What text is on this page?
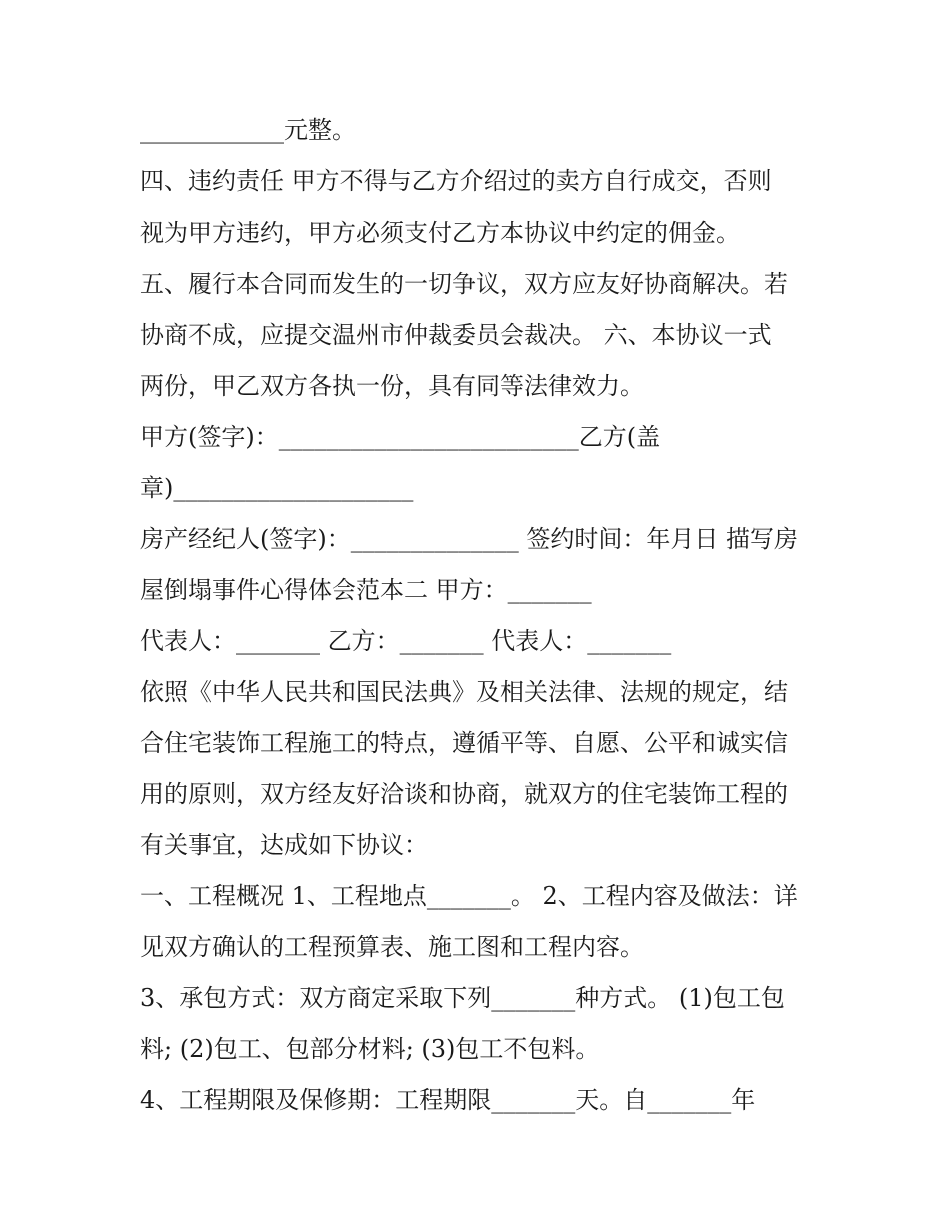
____________元整。
四、违约责任 甲方不得与乙方介绍过的卖方自行成交，否则
视为甲方违约，甲方必须支付乙方本协议中约定的佣金。
五、履行本合同而发生的一切争议，双方应友好协商解决。若
协商不成，应提交温州市仲裁委员会裁决。 六、本协议一式
两份，甲乙双方各执一份，具有同等法律效力。
甲方(签字)：_________________________乙方(盖
章)____________________
房产经纪人(签字)：______________ 签约时间：年月日 描写房
屋倒塌事件心得体会范本二 甲方：_______
代表人：_______ 乙方：_______ 代表人：_______
依照《中华人民共和国民法典》及相关法律、法规的规定，结
合住宅装饰工程施工的特点，遵循平等、自愿、公平和诚实信
用的原则，双方经友好洽谈和协商，就双方的住宅装饰工程的
有关事宜，达成如下协议：
一、工程概况 1、工程地点_______。 2、工程内容及做法：详
见双方确认的工程预算表、施工图和工程内容。
3、承包方式：双方商定采取下列_______种方式。 (1)包工包
料; (2)包工、包部分材料; (3)包工不包料。
4、工程期限及保修期：工程期限_______天。自_______年
